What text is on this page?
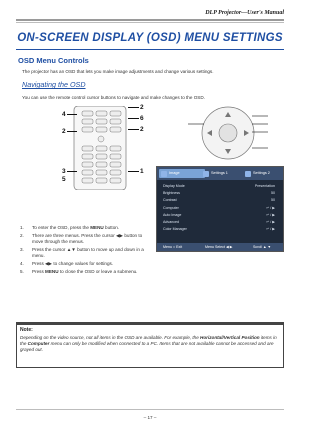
DLP Projector—User's Manual
ON-SCREEN DISPLAY (OSD) MENU SETTINGS
OSD Menu Controls
The projector has an OSD that lets you make image adjustments and change various settings.
Navigating the OSD
You can use the remote control cursor buttons to navigate and make changes to the OSD.
4
2
6
2
2
3
5
1	Image	Settings 1	Settings 2
Display Mode	Presentation
Brightness	50
Contrast	50
Computer	↵ / ▶
Auto Image	↵ / ▶
Advanced	↵ / ▶
Color Manager	↵ / ▶
Menu = Exit	Menu Select ◀ ▶	Scroll ▲ ▼
1. To enter the OSD, press the MENU button.
2. There are three menus. Press the cursor ◀▶ button to move through the menus.
3. Press the cursor ▲▼ button to move up and down in a menu.
4. Press ◀▶ to change values for settings.
5. Press MENU to close the OSD or leave a submenu.
Note:
Depending on the video source, not all items in the OSD are available. For example, the Horizontal/Vertical Position items in the Computer menu can only be modified when connected to a PC. Items that are not available cannot be accessed and are grayed out.
– 17 –
